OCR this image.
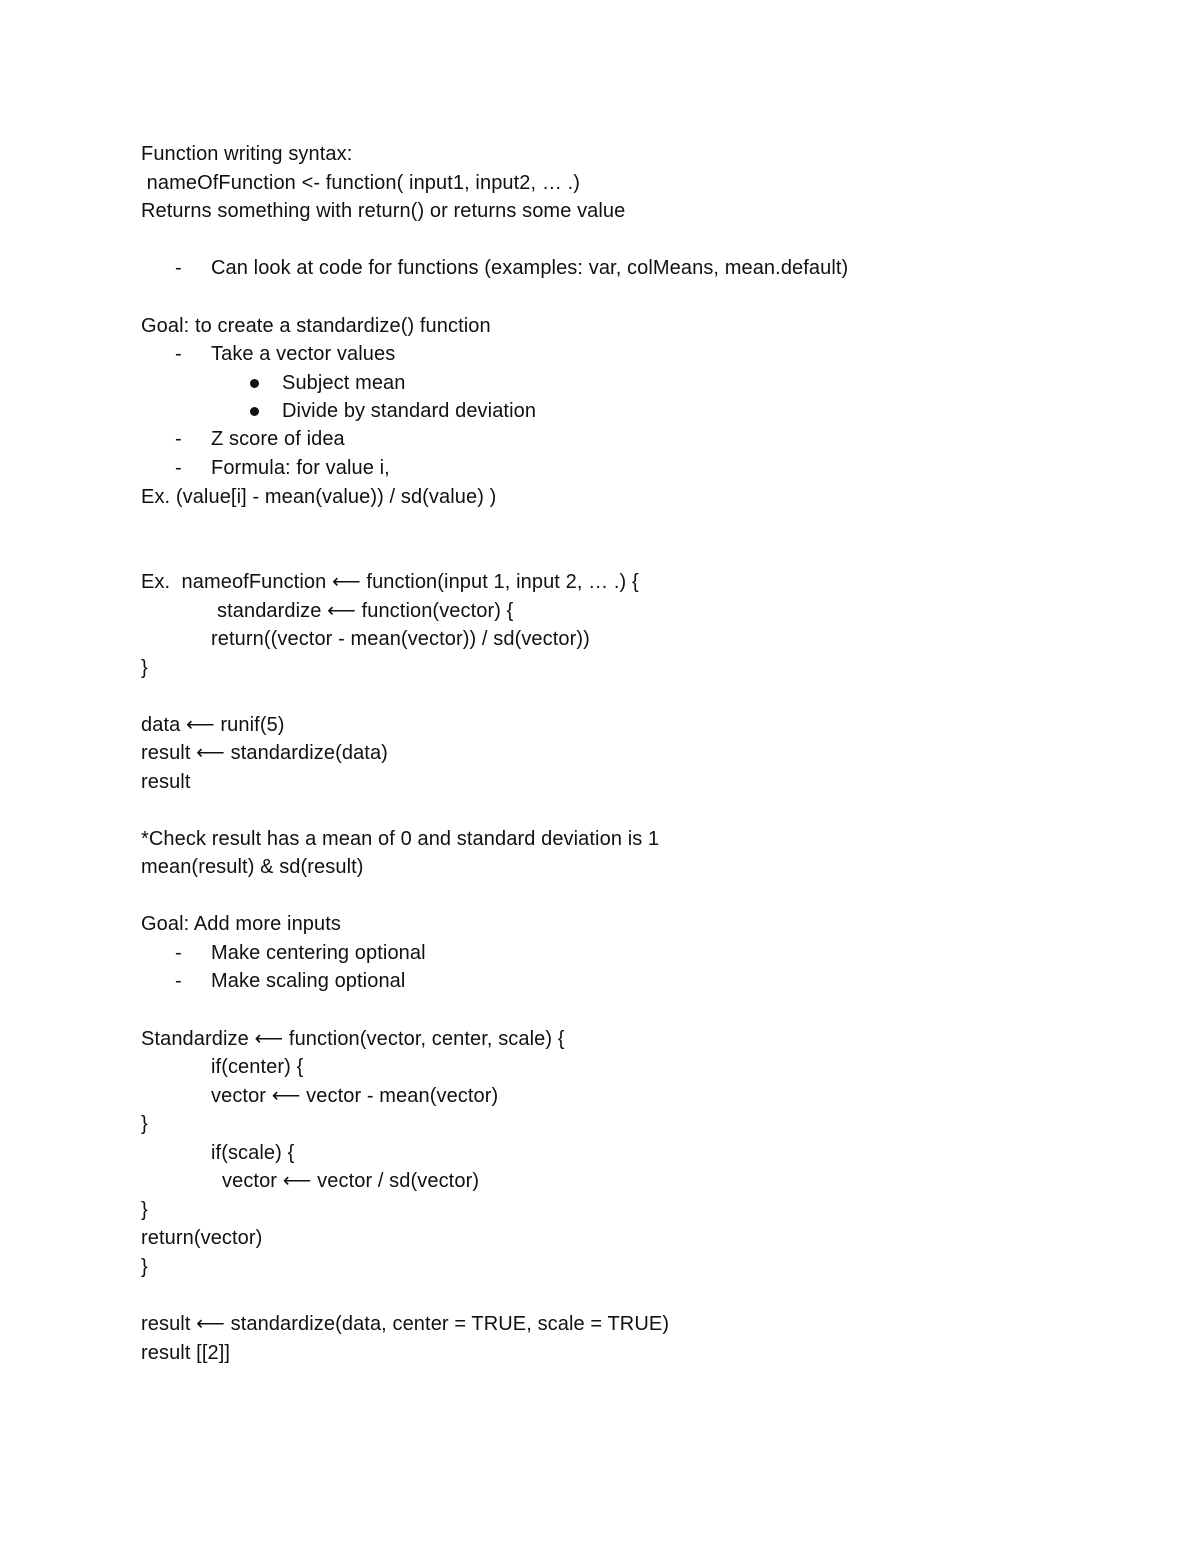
Function writing syntax:
nameOfFunction <- function( input1, input2, … .)
Returns something with return() or returns some value
- Can look at code for functions (examples: var, colMeans, mean.default)
Goal: to create a standardize() function
- Take a vector values
Subject mean
Divide by standard deviation
- Z score of idea
- Formula: for value i,
Ex. (value[i] - mean(value)) / sd(value) )
Ex.  nameofFunction ⟵ function(input 1, input 2, … .) {
standardize ⟵ function(vector) {
return((vector - mean(vector)) / sd(vector))
}
data ⟵ runif(5)
result ⟵ standardize(data)
result
*Check result has a mean of 0 and standard deviation is 1
mean(result) & sd(result)
Goal: Add more inputs
- Make centering optional
- Make scaling optional
Standardize ⟵ function(vector, center, scale) {
if(center) {
vector ⟵ vector - mean(vector)
}
if(scale) {
vector ⟵ vector / sd(vector)
}
return(vector)
}
result ⟵ standardize(data, center = TRUE, scale = TRUE)
result [[2]]
